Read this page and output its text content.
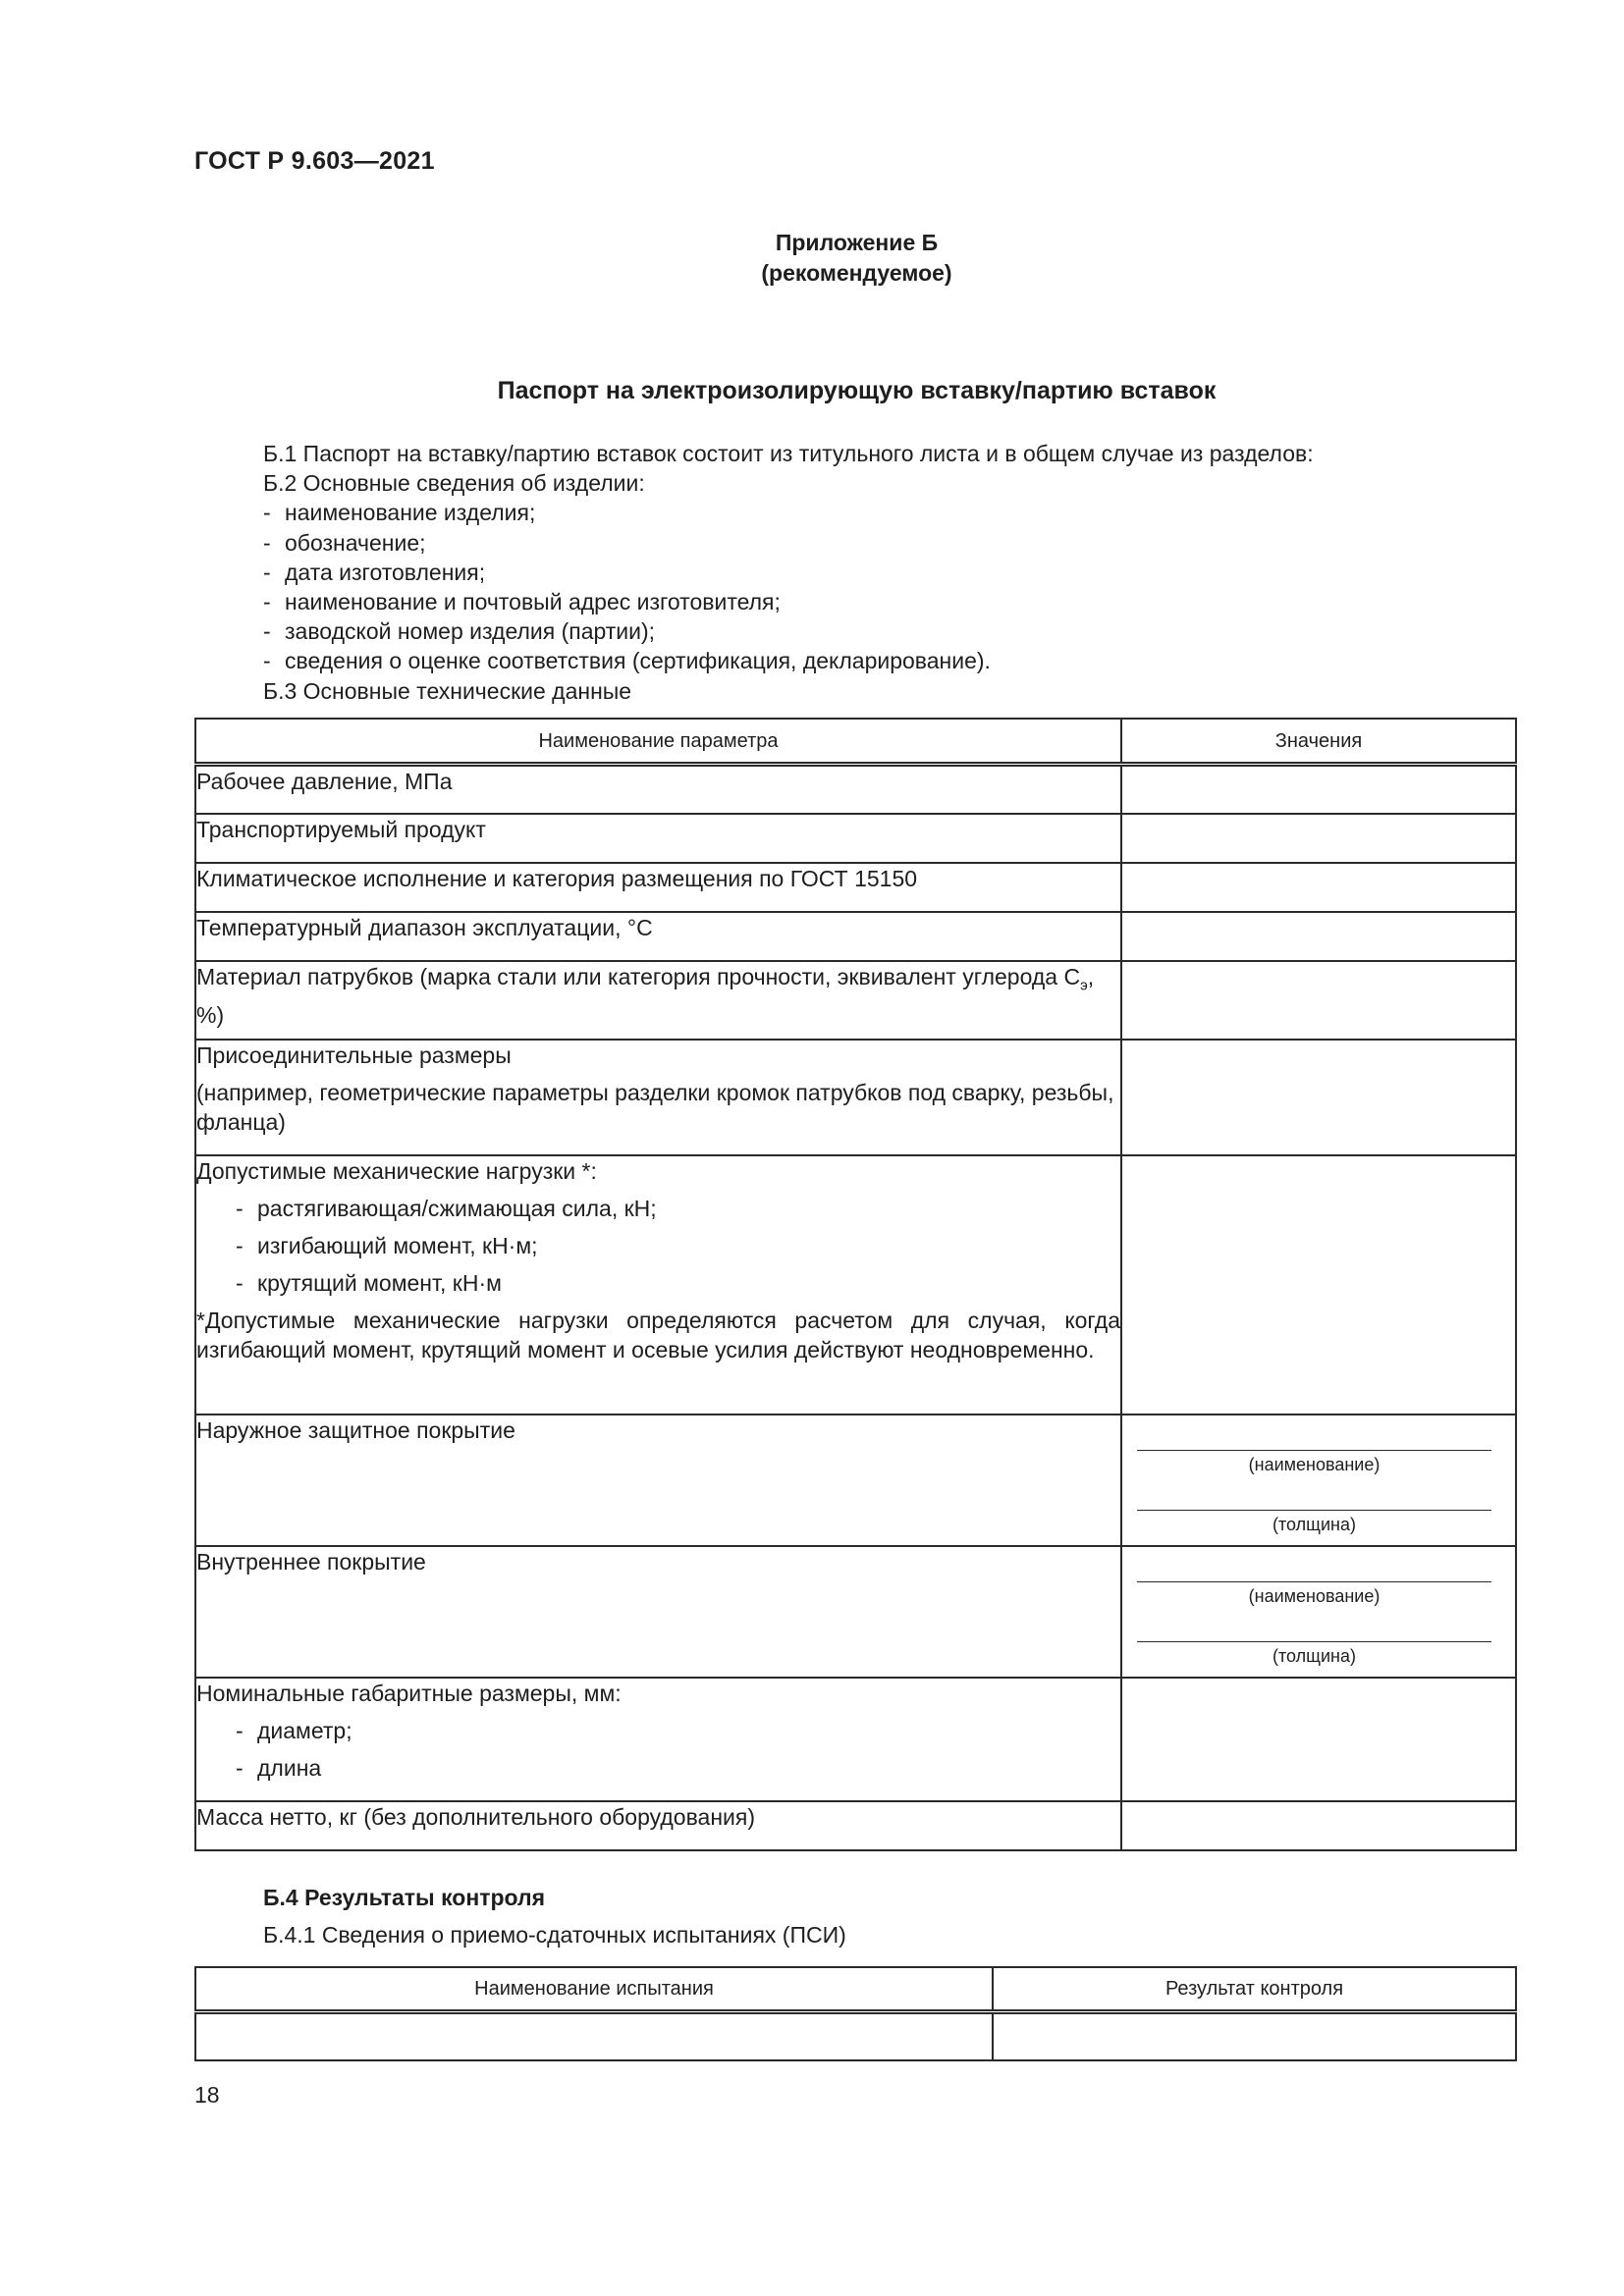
ГОСТ Р 9.603—2021
Приложение Б
(рекомендуемое)
Паспорт на электроизолирующую вставку/партию вставок
Б.1 Паспорт на вставку/партию вставок состоит из титульного листа и в общем случае из разделов:
Б.2 Основные сведения об изделии:
- наименование изделия;
- обозначение;
- дата изготовления;
- наименование и почтовый адрес изготовителя;
- заводской номер изделия (партии);
- сведения о оценке соответствия (сертификация, декларирование).
Б.3 Основные технические данные
Наименование параметра	Значения
Рабочее давление, МПа	
Транспортируемый продукт	
Климатическое исполнение и категория размещения по ГОСТ 15150	
Температурный диапазон эксплуатации, °С	
Материал патрубков (марка стали или категория прочности, эквивалент углерода $С_э$, %)	

Присоединительные размеры
(например, геометрические параметры разделки кромок патрубков под сварку, резьбы, фланца)	

Допустимые механические нагрузки *:
- растягивающая/сжимающая сила, кН;
- изгибающий момент, кН·м;
- крутящий момент, кН·м
*Допустимые механические нагрузки определяются расчетом для случая, когда изгибающий момент, крутящий момент и осевые усилия действуют неодновременно.	

Наружное защитное покрытие	(наименование)
(толщина)

Внутреннее покрытие	(наименование)
(толщина)

Номинальные габаритные размеры, мм:
- диаметр;
- длина	

Масса нетто, кг (без дополнительного оборудования)	
Б.4 Результаты контроля
Б.4.1 Сведения о приемо-сдаточных испытаниях (ПСИ)
Наименование испытания	Результат контроля

18
